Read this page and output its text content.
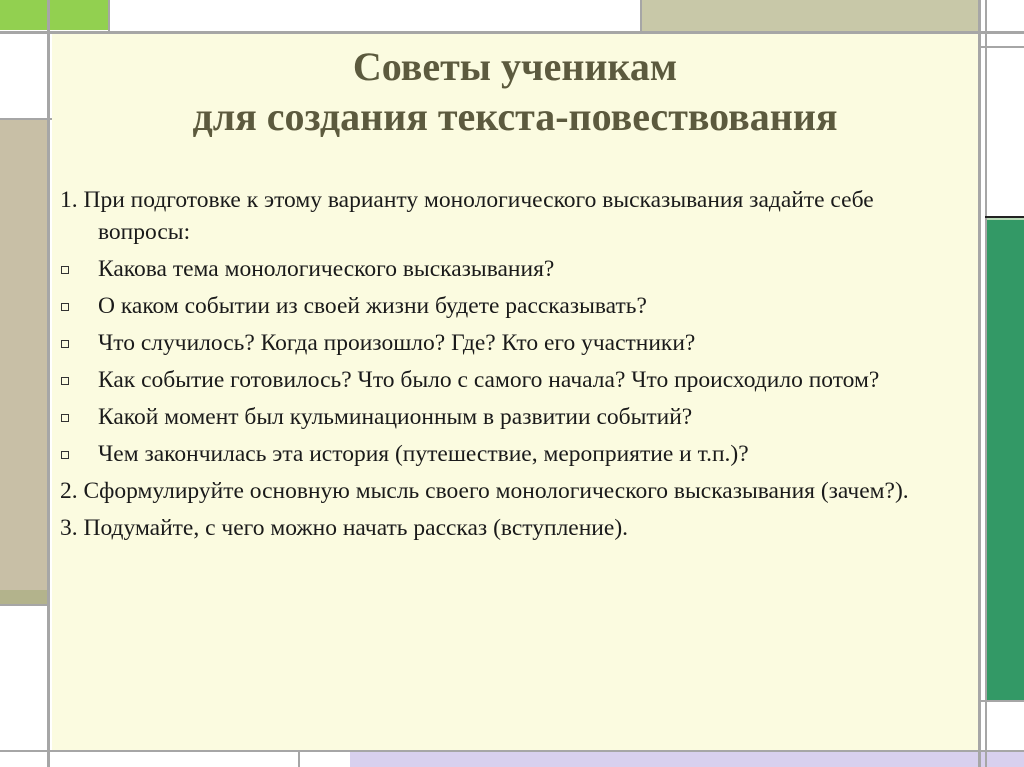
Советы ученикам
для создания текста-повествования

1. При подготовке к этому варианту монологического высказывания задайте себе вопросы:

Какова тема монологического высказывания?
О каком событии из своей жизни будете рассказывать?
Что случилось? Когда произошло? Где? Кто его участники?
Как событие готовилось? Что было с самого начала? Что происходило потом?
Какой момент был кульминационным в развитии событий?
Чем закончилась эта история (путешествие, мероприятие и т.п.)?

2. Сформулируйте основную мысль своего монологического высказывания (зачем?).

3. Подумайте, с чего можно начать рассказ (вступление).
